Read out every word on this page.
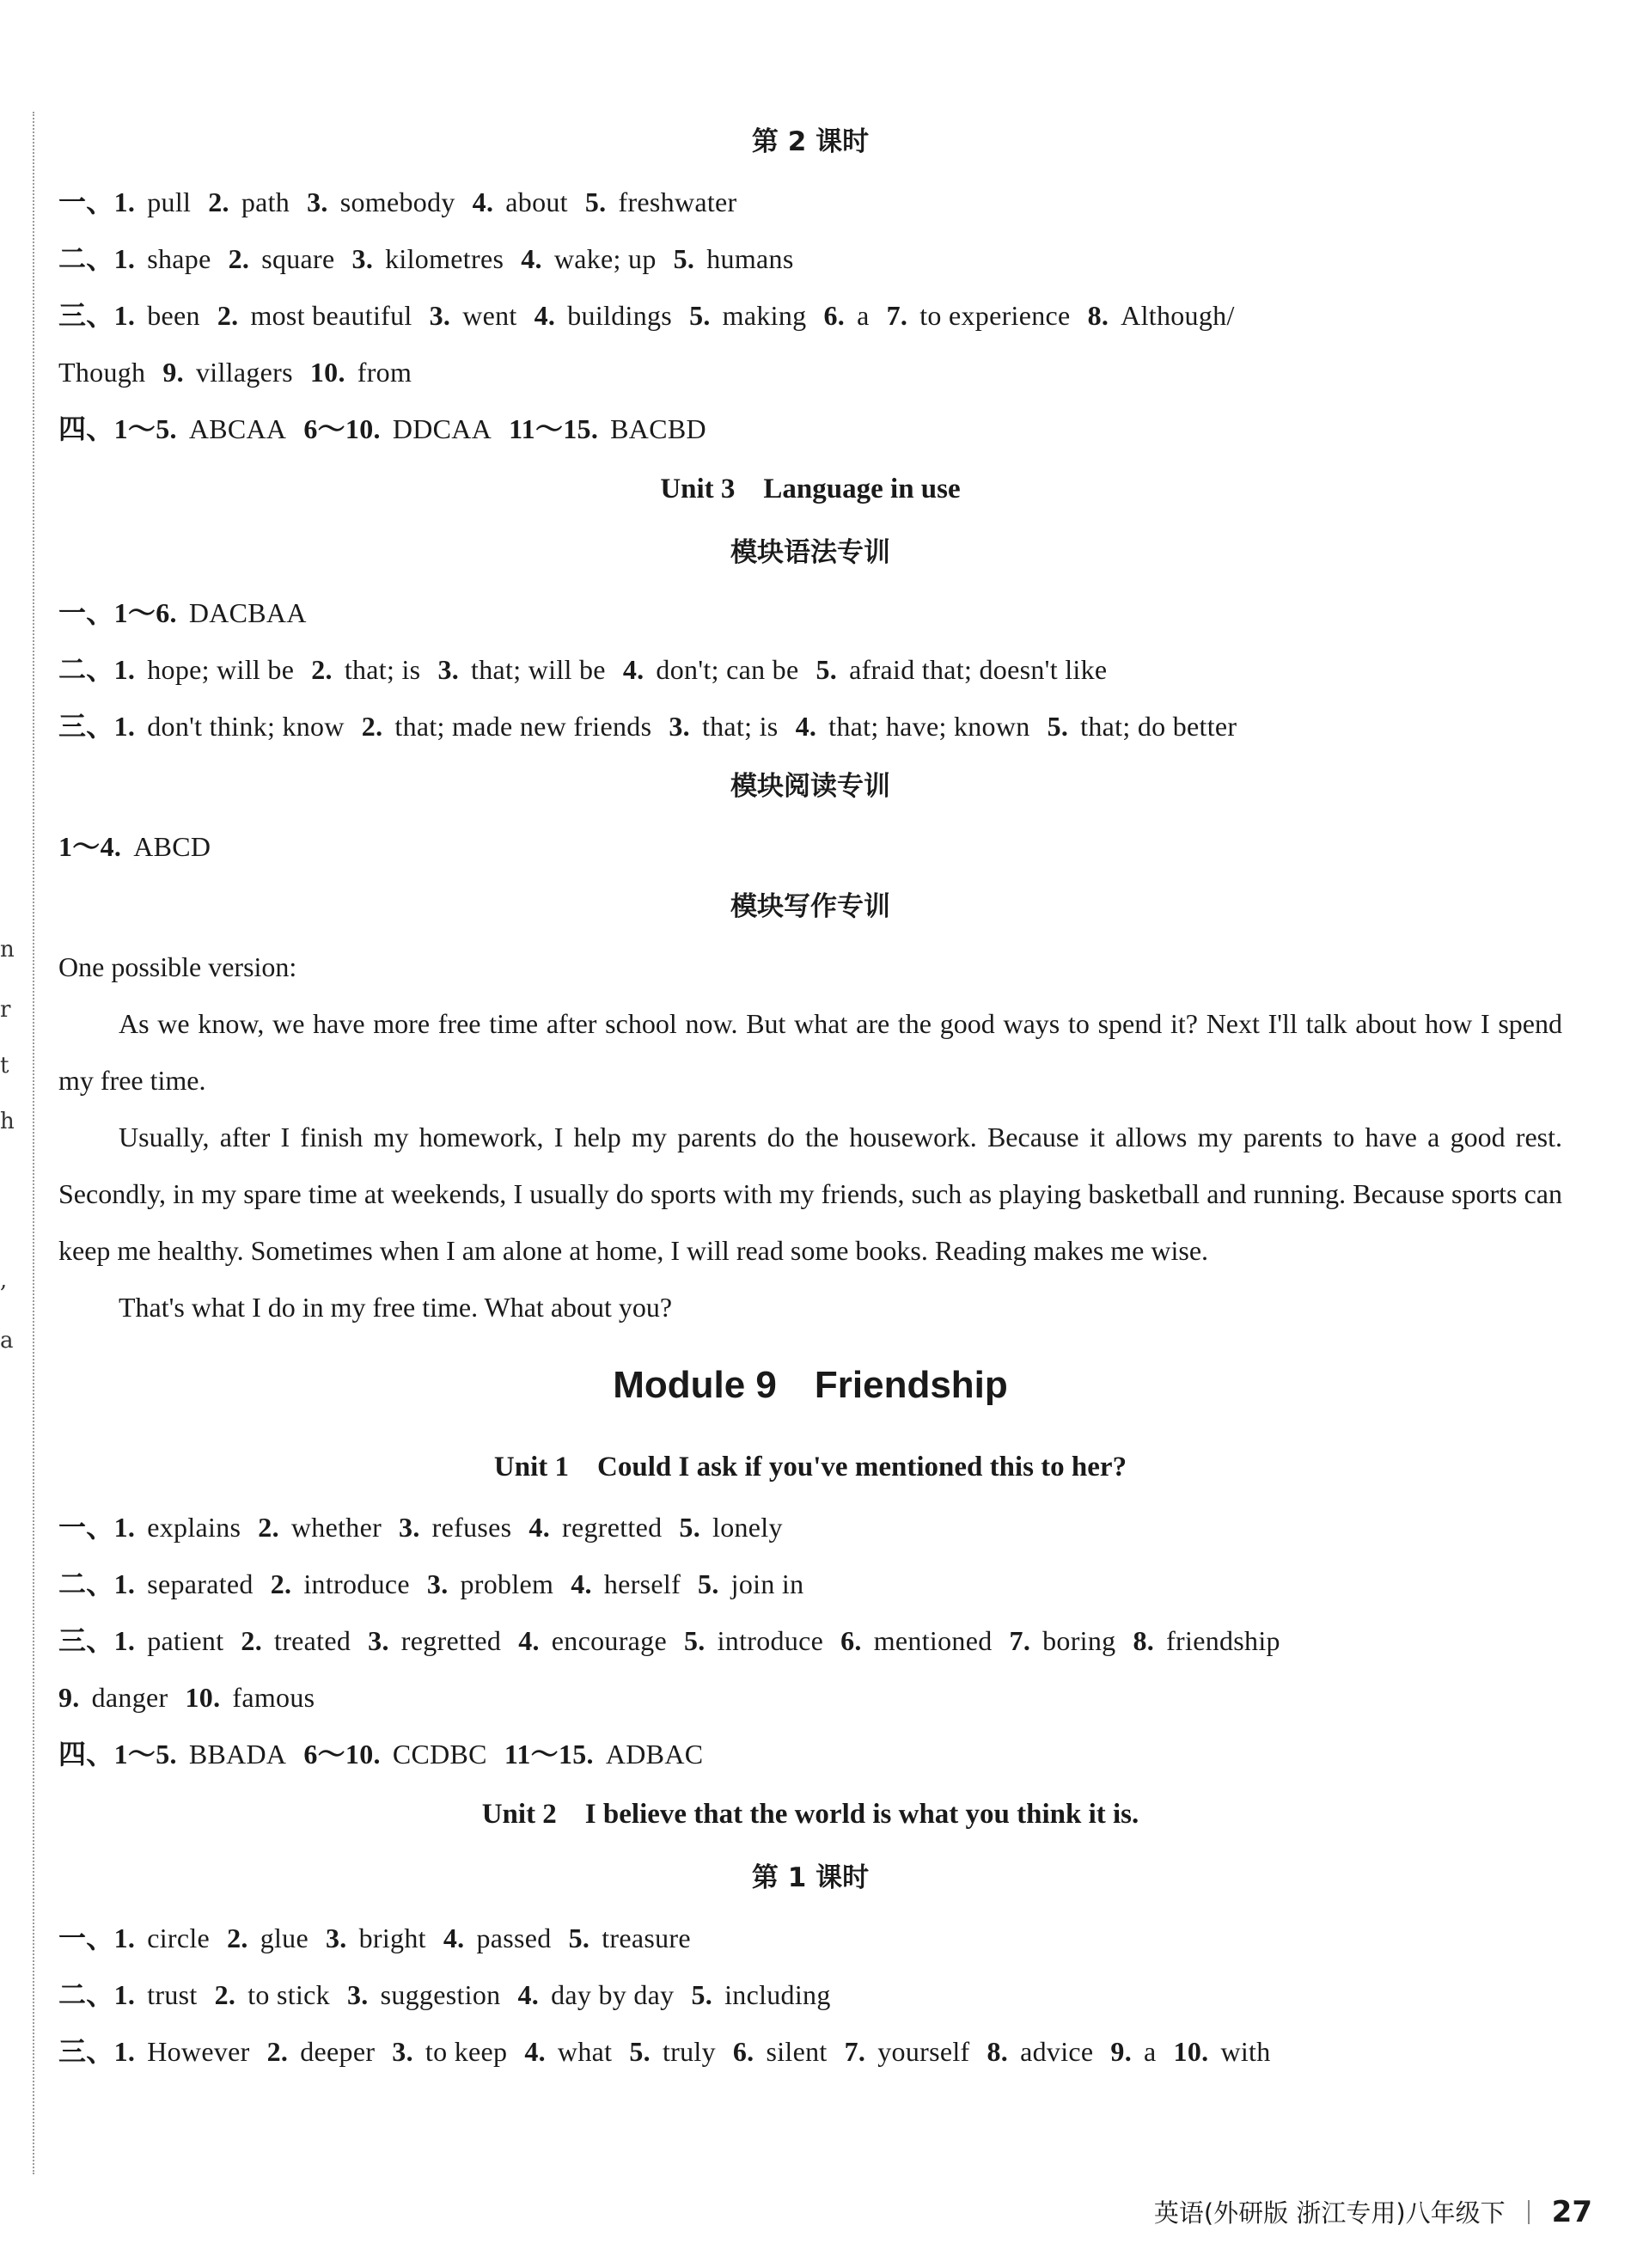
n
r
t
h
,
a
第 2 课时
一、1. pull 2. path 3. somebody 4. about 5. freshwater
二、1. shape 2. square 3. kilometres 4. wake; up 5. humans
三、1. been 2. most beautiful 3. went 4. buildings 5. making 6. a 7. to experience 8. Although/
Though 9. villagers 10. from
四、1～5. ABCAA 6～10. DDCAA 11～15. BACBD
Unit 3　Language in use
模块语法专训
一、1～6. DACBAA
二、1. hope; will be 2. that; is 3. that; will be 4. don't; can be 5. afraid that; doesn't like
三、1. don't think; know 2. that; made new friends 3. that; is 4. that; have; known 5. that; do better
模块阅读专训
1～4. ABCD
模块写作专训
One possible version:
As we know, we have more free time after school now. But what are the good ways to spend it? Next I'll talk about how I spend my free time.
Usually, after I finish my homework, I help my parents do the housework. Because it allows my parents to have a good rest. Secondly, in my spare time at weekends, I usually do sports with my friends, such as playing basketball and running. Because sports can keep me healthy. Sometimes when I am alone at home, I will read some books. Reading makes me wise.
That's what I do in my free time. What about you?
Module 9　Friendship
Unit 1　Could I ask if you've mentioned this to her?
一、1. explains 2. whether 3. refuses 4. regretted 5. lonely
二、1. separated 2. introduce 3. problem 4. herself 5. join in
三、1. patient 2. treated 3. regretted 4. encourage 5. introduce 6. mentioned 7. boring 8. friendship
9. danger 10. famous
四、1～5. BBADA 6～10. CCDBC 11～15. ADBAC
Unit 2　I believe that the world is what you think it is.
第 1 课时
一、1. circle 2. glue 3. bright 4. passed 5. treasure
二、1. trust 2. to stick 3. suggestion 4. day by day 5. including
三、1. However 2. deeper 3. to keep 4. what 5. truly 6. silent 7. yourself 8. advice 9. a 10. with
英语(外研版 浙江专用)八年级下 27
